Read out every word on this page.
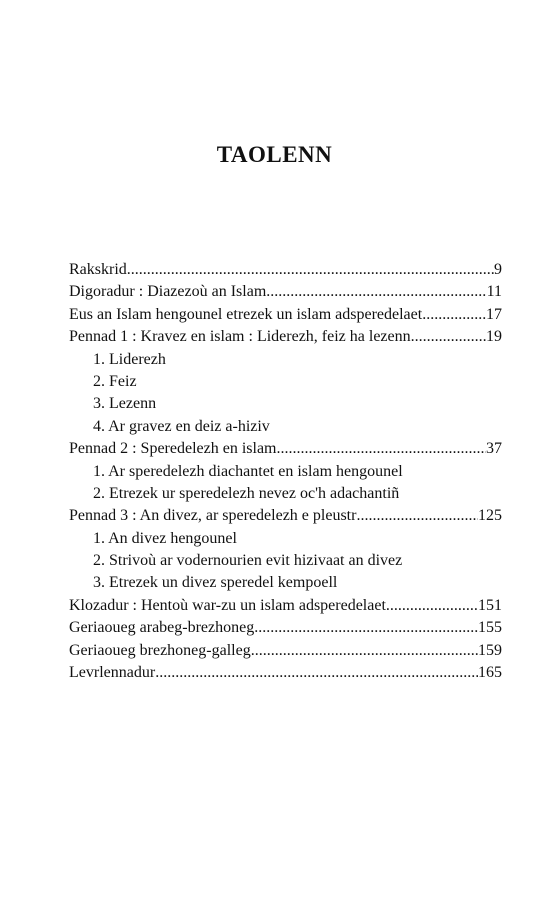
TAOLENN
Rakskrid .....	9
Digoradur : Diazezoù an Islam .....	11
Eus an Islam hengounel etrezek un islam adsperedelaet .....	17
Pennad 1 : Kravez en islam : Liderezh, feiz ha lezenn .....	19
1. Liderezh
2. Feiz
3. Lezenn
4. Ar gravez en deiz a-hiziv
Pennad 2 : Speredelezh en islam .....	37
1. Ar speredelezh diachantet en islam hengounel
2. Etrezek ur speredelezh nevez oc'h adachantiñ
Pennad 3 : An divez, ar speredelezh e pleustr .....	125
1. An divez hengounel
2. Strivoù ar vodernourien evit hizivaat an divez
3. Etrezek un divez speredel kempoell
Klozadur : Hentoù war-zu un islam adsperedelaet .....	151
Geriaoueg arabeg-brezhoneg .....	155
Geriaoueg brezhoneg-galleg .....	159
Levrlennadur .....	165
